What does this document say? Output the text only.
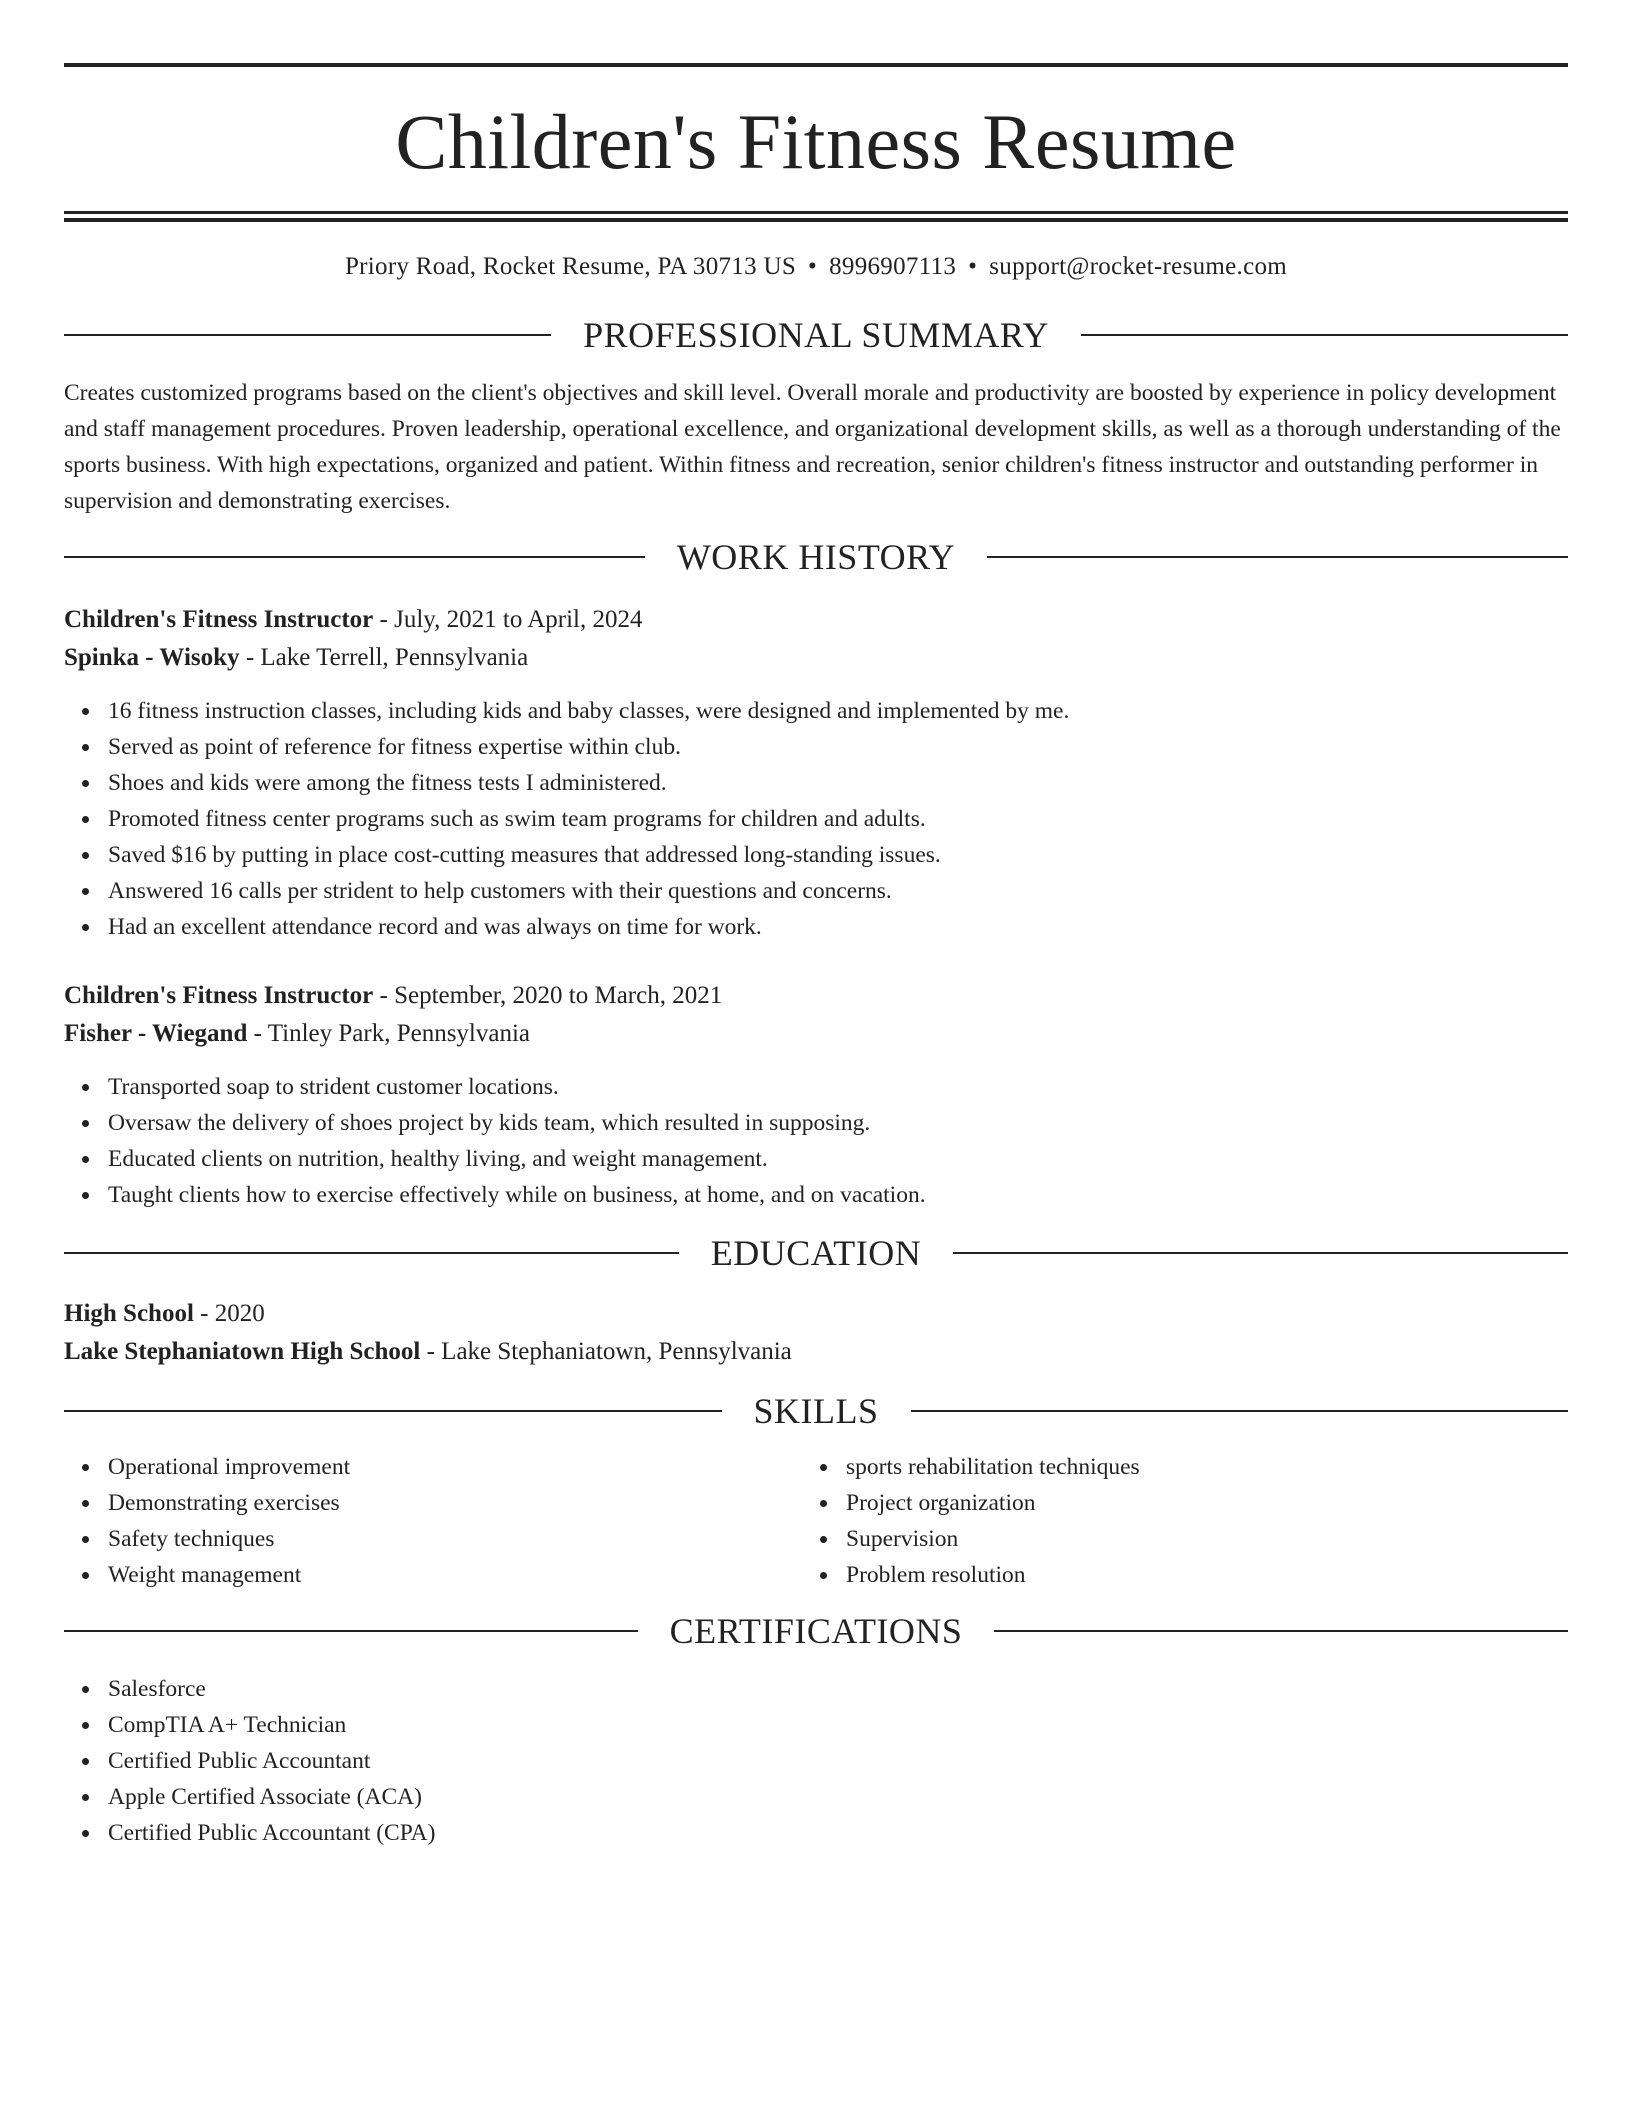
Children's Fitness Resume
Priory Road, Rocket Resume, PA 30713 US • 8996907113 • support@rocket-resume.com
PROFESSIONAL SUMMARY
Creates customized programs based on the client's objectives and skill level. Overall morale and productivity are boosted by experience in policy development and staff management procedures. Proven leadership, operational excellence, and organizational development skills, as well as a thorough understanding of the sports business. With high expectations, organized and patient. Within fitness and recreation, senior children's fitness instructor and outstanding performer in supervision and demonstrating exercises.
WORK HISTORY
Children's Fitness Instructor - July, 2021 to April, 2024
Spinka - Wisoky - Lake Terrell, Pennsylvania
16 fitness instruction classes, including kids and baby classes, were designed and implemented by me.
Served as point of reference for fitness expertise within club.
Shoes and kids were among the fitness tests I administered.
Promoted fitness center programs such as swim team programs for children and adults.
Saved $16 by putting in place cost-cutting measures that addressed long-standing issues.
Answered 16 calls per strident to help customers with their questions and concerns.
Had an excellent attendance record and was always on time for work.
Children's Fitness Instructor - September, 2020 to March, 2021
Fisher - Wiegand - Tinley Park, Pennsylvania
Transported soap to strident customer locations.
Oversaw the delivery of shoes project by kids team, which resulted in supposing.
Educated clients on nutrition, healthy living, and weight management.
Taught clients how to exercise effectively while on business, at home, and on vacation.
EDUCATION
High School - 2020
Lake Stephaniatown High School - Lake Stephaniatown, Pennsylvania
SKILLS
Operational improvement
Demonstrating exercises
Safety techniques
Weight management
sports rehabilitation techniques
Project organization
Supervision
Problem resolution
CERTIFICATIONS
Salesforce
CompTIA A+ Technician
Certified Public Accountant
Apple Certified Associate (ACA)
Certified Public Accountant (CPA)
